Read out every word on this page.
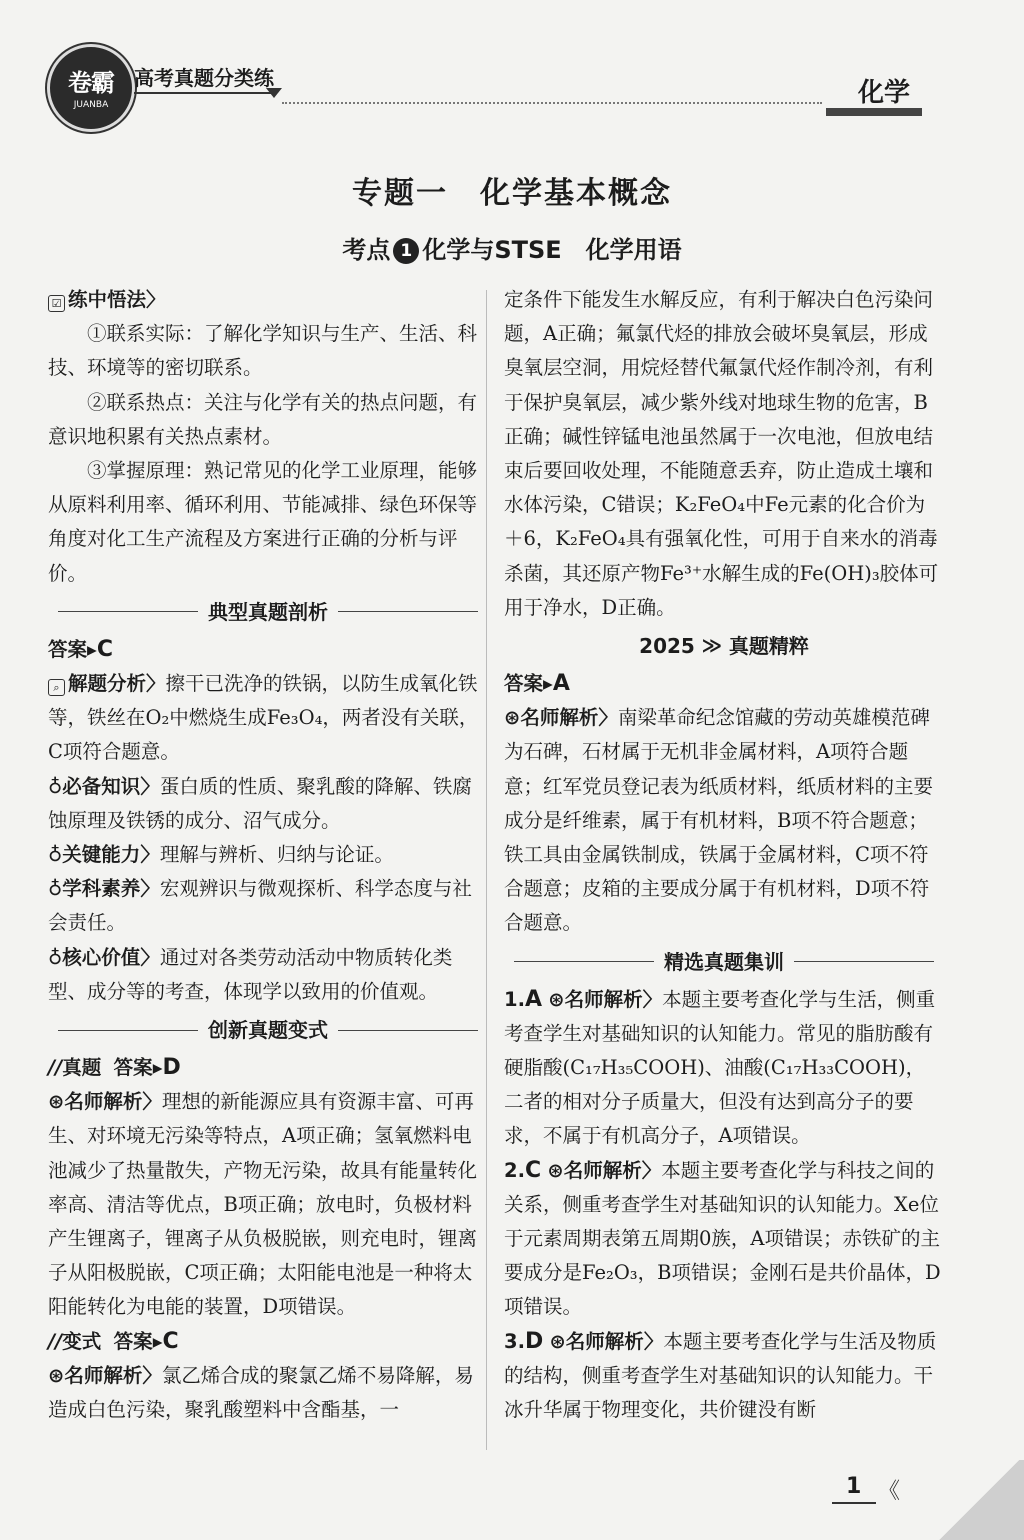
卷霸
JUANBA
高考真题分类练	化学
专题一　化学基本概念
考点 1 化学与STSE　化学用语

☑ 练中悟法〉

①联系实际：了解化学知识与生产、生活、科技、环境等的密切联系。

②联系热点：关注与化学有关的热点问题，有意识地积累有关热点素材。

③掌握原理：熟记常见的化学工业原理，能够从原料利用率、循环利用、节能减排、绿色环保等角度对化工生产流程及方案进行正确的分析与评价。

典型真题剖析

答案▸C

⌕ 解题分析〉擦干已洗净的铁锅，以防生成氧化铁等，铁丝在O₂中燃烧生成Fe₃O₄，两者没有关联，C项符合题意。

♁必备知识〉蛋白质的性质、聚乳酸的降解、铁腐蚀原理及铁锈的成分、沼气成分。

♁关键能力〉理解与辨析、归纳与论证。

♁学科素养〉宏观辨识与微观探析、科学态度与社会责任。

♁核心价值〉通过对各类劳动活动中物质转化类型、成分等的考查，体现学以致用的价值观。

创新真题变式

//真题 答案▸D

⊛名师解析〉理想的新能源应具有资源丰富、可再生、对环境无污染等特点，A项正确；氢氧燃料电池减少了热量散失，产物无污染，故具有能量转化率高、清洁等优点，B项正确；放电时，负极材料产生锂离子，锂离子从负极脱嵌，则充电时，锂离子从阳极脱嵌，C项正确；太阳能电池是一种将太阳能转化为电能的装置，D项错误。

//变式 答案▸C

⊛名师解析〉氯乙烯合成的聚氯乙烯不易降解，易造成白色污染，聚乳酸塑料中含酯基，一

定条件下能发生水解反应，有利于解决白色污染问题，A正确；氟氯代烃的排放会破坏臭氧层，形成臭氧层空洞，用烷烃替代氟氯代烃作制冷剂，有利于保护臭氧层，减少紫外线对地球生物的危害，B正确；碱性锌锰电池虽然属于一次电池，但放电结束后要回收处理，不能随意丢弃，防止造成土壤和水体污染，C错误；K₂FeO₄中Fe元素的化合价为＋6，K₂FeO₄具有强氧化性，可用于自来水的消毒杀菌，其还原产物Fe³⁺水解生成的Fe(OH)₃胶体可用于净水，D正确。

2025 ≫ 真题精粹

答案▸A

⊛名师解析〉南梁革命纪念馆藏的劳动英雄模范碑为石碑，石材属于无机非金属材料，A项符合题意；红军党员登记表为纸质材料，纸质材料的主要成分是纤维素，属于有机材料，B项不符合题意；铁工具由金属铁制成，铁属于金属材料，C项不符合题意；皮箱的主要成分属于有机材料，D项不符合题意。

精选真题集训

1.A ⊛名师解析〉本题主要考查化学与生活，侧重考查学生对基础知识的认知能力。常见的脂肪酸有硬脂酸(C₁₇H₃₅COOH)、油酸(C₁₇H₃₃COOH)，二者的相对分子质量大，但没有达到高分子的要求，不属于有机高分子，A项错误。

2.C ⊛名师解析〉本题主要考查化学与科技之间的关系，侧重考查学生对基础知识的认知能力。Xe位于元素周期表第五周期0族，A项错误；赤铁矿的主要成分是Fe₂O₃，B项错误；金刚石是共价晶体，D项错误。

3.D ⊛名师解析〉本题主要考查化学与生活及物质的结构，侧重考查学生对基础知识的认知能力。干冰升华属于物理变化，共价键没有断

1 《
